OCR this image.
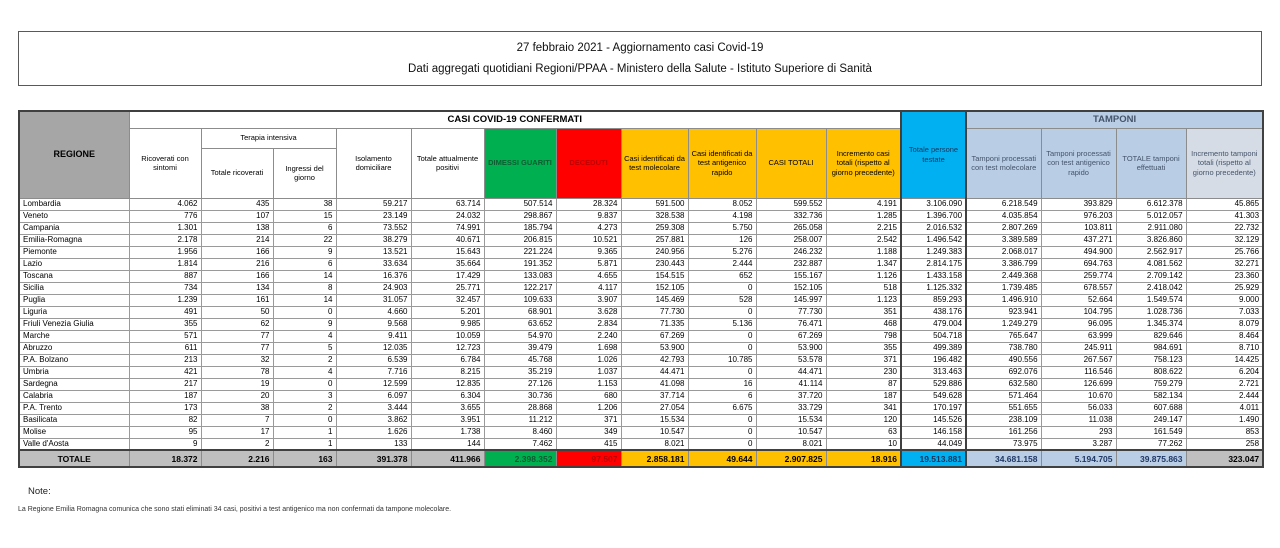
27 febbraio 2021 - Aggiornamento casi Covid-19
Dati aggregati quotidiani Regioni/PPAA - Ministero della Salute - Istituto Superiore di Sanità
REGIONE	CASI COVID-19 CONFERMATI											Totale persone testate	TAMPONI			
	Ricoverati con sintomi	Terapia intensiva		Isolamento domiciliare	Totale attualmente positivi	DIMESSI GUARITI	DECEDUTI	Casi identificati da test molecolare	Casi identificati da test antigenico rapido	CASI TOTALI	Incremento casi totali (rispetto al giorno precedente)		Tamponi processati con test molecolare	Tamponi processati con test antigenico rapido	TOTALE tamponi effettuati	Incremento tamponi totali (rispetto al giorno precedente)
		Totale ricoverati	Ingressi del giorno													
Lombardia	4.062	435	38	59.217	63.714	507.514	28.324	591.500	8.052	599.552	4.191	3.106.090	6.218.549	393.829	6.612.378	45.865
Veneto	776	107	15	23.149	24.032	298.867	9.837	328.538	4.198	332.736	1.285	1.396.700	4.035.854	976.203	5.012.057	41.303
Campania	1.301	138	6	73.552	74.991	185.794	4.273	259.308	5.750	265.058	2.215	2.016.532	2.807.269	103.811	2.911.080	22.732
Emilia-Romagna	2.178	214	22	38.279	40.671	206.815	10.521	257.881	126	258.007	2.542	1.496.542	3.389.589	437.271	3.826.860	32.129
Piemonte	1.956	166	9	13.521	15.643	221.224	9.365	240.956	5.276	246.232	1.188	1.249.383	2.068.017	494.900	2.562.917	25.766
Lazio	1.814	216	6	33.634	35.664	191.352	5.871	230.443	2.444	232.887	1.347	2.814.175	3.386.799	694.763	4.081.562	32.271
Toscana	887	166	14	16.376	17.429	133.083	4.655	154.515	652	155.167	1.126	1.433.158	2.449.368	259.774	2.709.142	23.360
Sicilia	734	134	8	24.903	25.771	122.217	4.117	152.105	0	152.105	518	1.125.332	1.739.485	678.557	2.418.042	25.929
Puglia	1.239	161	14	31.057	32.457	109.633	3.907	145.469	528	145.997	1.123	859.293	1.496.910	52.664	1.549.574	9.000
Liguria	491	50	0	4.660	5.201	68.901	3.628	77.730	0	77.730	351	438.176	923.941	104.795	1.028.736	7.033
Friuli Venezia Giulia	355	62	9	9.568	9.985	63.652	2.834	71.335	5.136	76.471	468	479.004	1.249.279	96.095	1.345.374	8.079
Marche	571	77	4	9.411	10.059	54.970	2.240	67.269	0	67.269	798	504.718	765.647	63.999	829.646	8.464
Abruzzo	611	77	5	12.035	12.723	39.479	1.698	53.900	0	53.900	355	499.389	738.780	245.911	984.691	8.710
P.A. Bolzano	213	32	2	6.539	6.784	45.768	1.026	42.793	10.785	53.578	371	196.482	490.556	267.567	758.123	14.425
Umbria	421	78	4	7.716	8.215	35.219	1.037	44.471	0	44.471	230	313.463	692.076	116.546	808.622	6.204
Sardegna	217	19	0	12.599	12.835	27.126	1.153	41.098	16	41.114	87	529.886	632.580	126.699	759.279	2.721
Calabria	187	20	3	6.097	6.304	30.736	680	37.714	6	37.720	187	549.628	571.464	10.670	582.134	2.444
P.A. Trento	173	38	2	3.444	3.655	28.868	1.206	27.054	6.675	33.729	341	170.197	551.655	56.033	607.688	4.011
Basilicata	82	7	0	3.862	3.951	11.212	371	15.534	0	15.534	120	145.526	238.109	11.038	249.147	1.490
Molise	95	17	1	1.626	1.738	8.460	349	10.547	0	10.547	63	146.158	161.256	293	161.549	853
Valle d'Aosta	9	2	1	133	144	7.462	415	8.021	0	8.021	10	44.049	73.975	3.287	77.262	258
TOTALE	18.372	2.216	163	391.378	411.966	2.398.352	97.507	2.858.181	49.644	2.907.825	18.916	19.513.881	34.681.158	5.194.705	39.875.863	323.047
Note:
La Regione Emilia Romagna comunica che sono stati eliminati 34 casi, positivi a test antigenico ma non confermati da tampone molecolare.
